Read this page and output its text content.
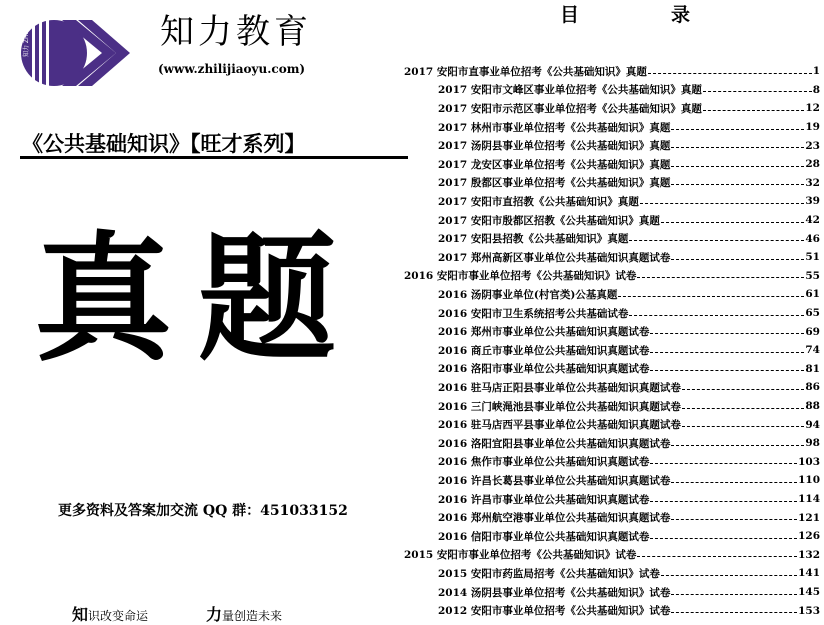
知力 ZHILI	知力教育
(www.zhilijiaoyu.com)
《公共基础知识》【旺才系列】
真题
更多资料及答案加交流 QQ 群：451033152
知识改变命运	力量创造未来
目	录
2017 安阳市直事业单位招考《公共基础知识》真题	1
2017 安阳市文峰区事业单位招考《公共基础知识》真题	8
2017 安阳市示范区事业单位招考《公共基础知识》真题	12
2017 林州市事业单位招考《公共基础知识》真题	19
2017 汤阴县事业单位招考《公共基础知识》真题	23
2017 龙安区事业单位招考《公共基础知识》真题	28
2017 殷都区事业单位招考《公共基础知识》真题	32
2017 安阳市直招教《公共基础知识》真题	39
2017 安阳市殷都区招教《公共基础知识》真题	42
2017 安阳县招教《公共基础知识》真题	46
2017 郑州高新区事业单位公共基础知识真题试卷	51
2016 安阳市事业单位招考《公共基础知识》试卷	55
2016 汤阴事业单位(村官类)公基真题	61
2016 安阳市卫生系统招考公共基础试卷	65
2016 郑州市事业单位公共基础知识真题试卷	69
2016 商丘市事业单位公共基础知识真题试卷	74
2016 洛阳市事业单位公共基础知识真题试卷	81
2016 驻马店正阳县事业单位公共基础知识真题试卷	86
2016 三门峡渑池县事业单位公共基础知识真题试卷	88
2016 驻马店西平县事业单位公共基础知识真题试卷	94
2016 洛阳宜阳县事业单位公共基础知识真题试卷	98
2016 焦作市事业单位公共基础知识真题试卷	103
2016 许昌长葛县事业单位公共基础知识真题试卷	110
2016 许昌市事业单位公共基础知识真题试卷	114
2016 郑州航空港事业单位公共基础知识真题试卷	121
2016 信阳市事业单位公共基础知识真题试卷	126
2015 安阳市事业单位招考《公共基础知识》试卷	132
2015 安阳市药监局招考《公共基础知识》试卷	141
2014 汤阴县事业单位招考《公共基础知识》试卷	145
2012 安阳市事业单位招考《公共基础知识》试卷	153
